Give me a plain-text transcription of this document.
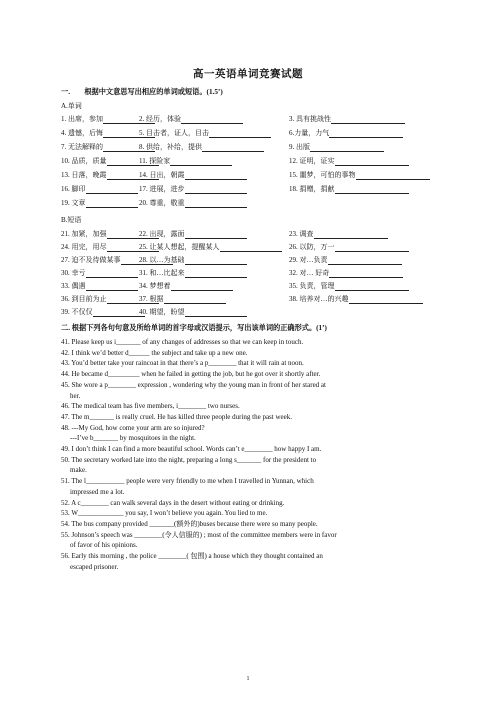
高一英语单词竞赛试题
一.　　根据中文意思写出相应的单词或短语。(1.5’)
A.单词
1. 出席，参加	2. 经历，体验	3. 具有挑战性
4. 遗憾，后悔	5. 目击者，证人，目击	6.力量，力气
7. 无法解释的	8. 供给，补给，提供	9. 出版
10. 品质，质量	11. 探险家	12. 证明，证实
13. 日落，晚霞	14. 日出，朝霞	15. 噩梦，可怕的事物
16. 脚印	17. 进展，进步	18. 捐赠，捐献
19. 文章	20. 尊重，敬重
B.短语
21. 加紧，加强	22. 出现，露面	23. 调查
24. 用完，用尽	25. 让某人想起，提醒某人	26. 以防，万一
27. 迫不及待做某事	28. 以…为基础	29. 对…负责
30. 幸亏	31. 和…比起来	32. 对… 好奇
33. 偶遇	34. 梦想着	35. 负责，管理
36. 到目前为止	37. 根据	38. 培养对…的兴趣
39. 不仅仅	40. 期望，盼望
二. 根据下列各句句意及所给单词的首字母或汉语提示，写出该单词的正确形式。(1’)
41. Please keep us i_______ of any changes of addresses so that we can keep in touch.
42. I think we’d better d______ the subject and take up a new one.
43. You’d better take your raincoat in that there’s a p________ that it will rain at noon.
44. He became d_________ when he failed in getting the job, but he got over it shortly after.
45. She wore a p________ expression , wondering why the young man in front of her stared at
her.
46. The medical team has five members, i________ two nurses.
47. The m_______ is really cruel. He has killed three people during the past week.
48. ---My God, how come your arm are so injured?
---I’ve b_______ by mosquitoes in the night.
49. I don’t think I can find a more beautiful school. Words can’t e________ how happy I am.
50. The secretary worked late into the night, preparing a long s_______ for the president to
make.
51. The l___________ people were very friendly to me when I travelled in Yunnan, which
impressed me a lot.
52. A c________ can walk several days in the desert without eating or drinking.
53. W_____________ you say, I won’t believe you again. You lied to me.
54. The bus company provided _______(额外的)buses because there were so many people.
55. Johnson’s speech was ________(令人信服的) ; most of the committee members were in favor
of favor of his opinions.
56. Early this morning , the police ________( 包围) a house which they thought contained an
escaped prisoner.
1
